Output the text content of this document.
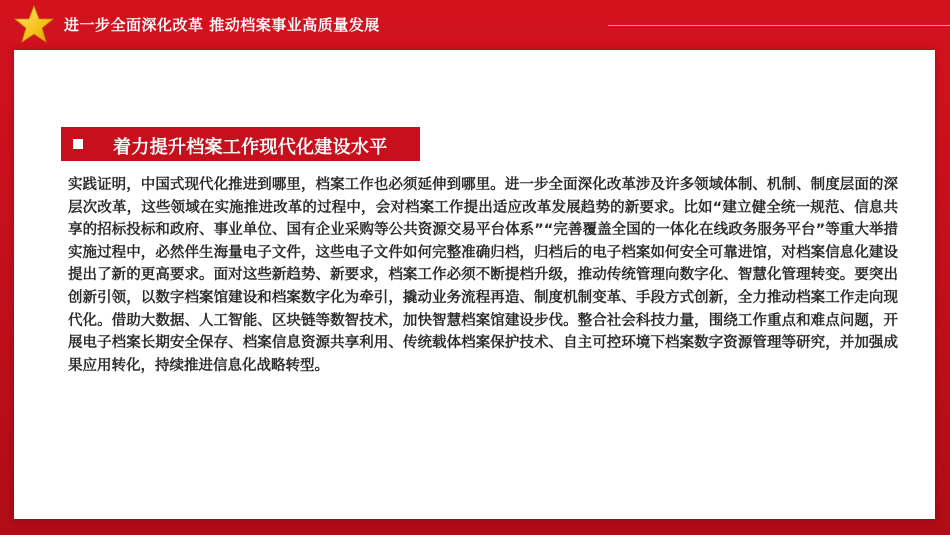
进一步全面深化改革 推动档案事业高质量发展
着力提升档案工作现代化建设水平

实践证明，中国式现代化推进到哪里，档案工作也必须延伸到哪里。进一步全面深化改革涉及许多领域体制、机制、制度层面的深层次改革，这些领域在实施推进改革的过程中，会对档案工作提出适应改革发展趋势的新要求。比如“建立健全统一规范、信息共享的招标投标和政府、事业单位、国有企业采购等公共资源交易平台体系”“完善覆盖全国的一体化在线政务服务平台”等重大举措实施过程中，必然伴生海量电子文件，这些电子文件如何完整准确归档，归档后的电子档案如何安全可靠进馆，对档案信息化建设提出了新的更高要求。面对这些新趋势、新要求，档案工作必须不断提档升级，推动传统管理向数字化、智慧化管理转变。要突出创新引领，以数字档案馆建设和档案数字化为牵引，撬动业务流程再造、制度机制变革、手段方式创新，全力推动档案工作走向现代化。借助大数据、人工智能、区块链等数智技术，加快智慧档案馆建设步伐。整合社会科技力量，围绕工作重点和难点问题，开展电子档案长期安全保存、档案信息资源共享利用、传统载体档案保护技术、自主可控环境下档案数字资源管理等研究，并加强成果应用转化，持续推进信息化战略转型。
